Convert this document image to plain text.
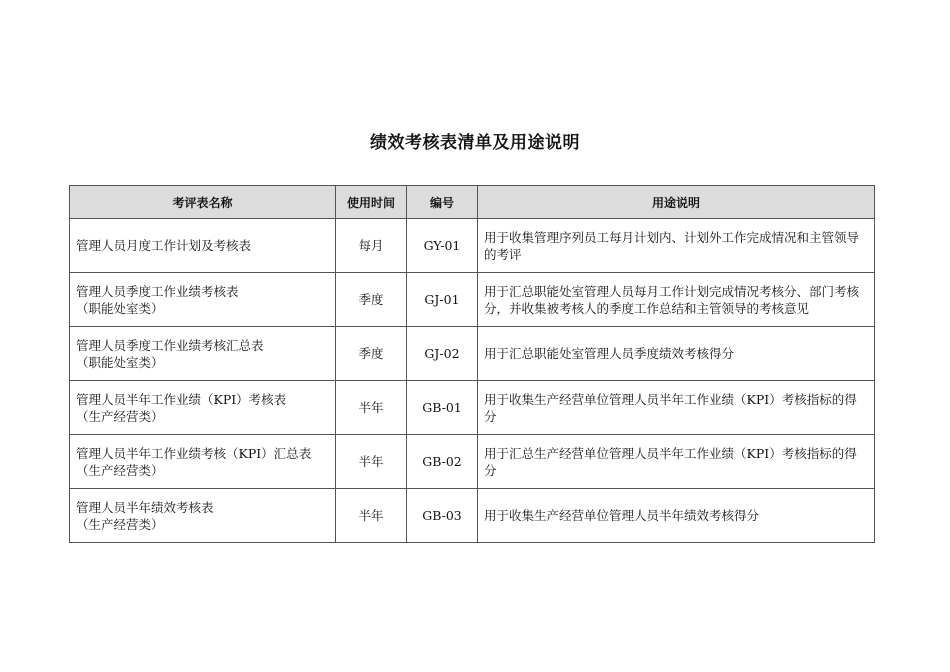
绩效考核表清单及用途说明
考评表名称	使用时间	编号	用途说明
管理人员月度工作计划及考核表	每月	GY-01	用于收集管理序列员工每月计划内、计划外工作完成情况和主管领导的考评

管理人员季度工作业绩考核表
（职能处室类）	季度	GJ-01	用于汇总职能处室管理人员每月工作计划完成情况考核分、部门考核分，并收集被考核人的季度工作总结和主管领导的考核意见

管理人员季度工作业绩考核汇总表
（职能处室类）	季度	GJ-02	用于汇总职能处室管理人员季度绩效考核得分

管理人员半年工作业绩（KPI）考核表
（生产经营类）	半年	GB-01	用于收集生产经营单位管理人员半年工作业绩（KPI）考核指标的得分

管理人员半年工作业绩考核（KPI）汇总表
（生产经营类）	半年	GB-02	用于汇总生产经营单位管理人员半年工作业绩（KPI）考核指标的得分

管理人员半年绩效考核表
（生产经营类）	半年	GB-03	用于收集生产经营单位管理人员半年绩效考核得分
